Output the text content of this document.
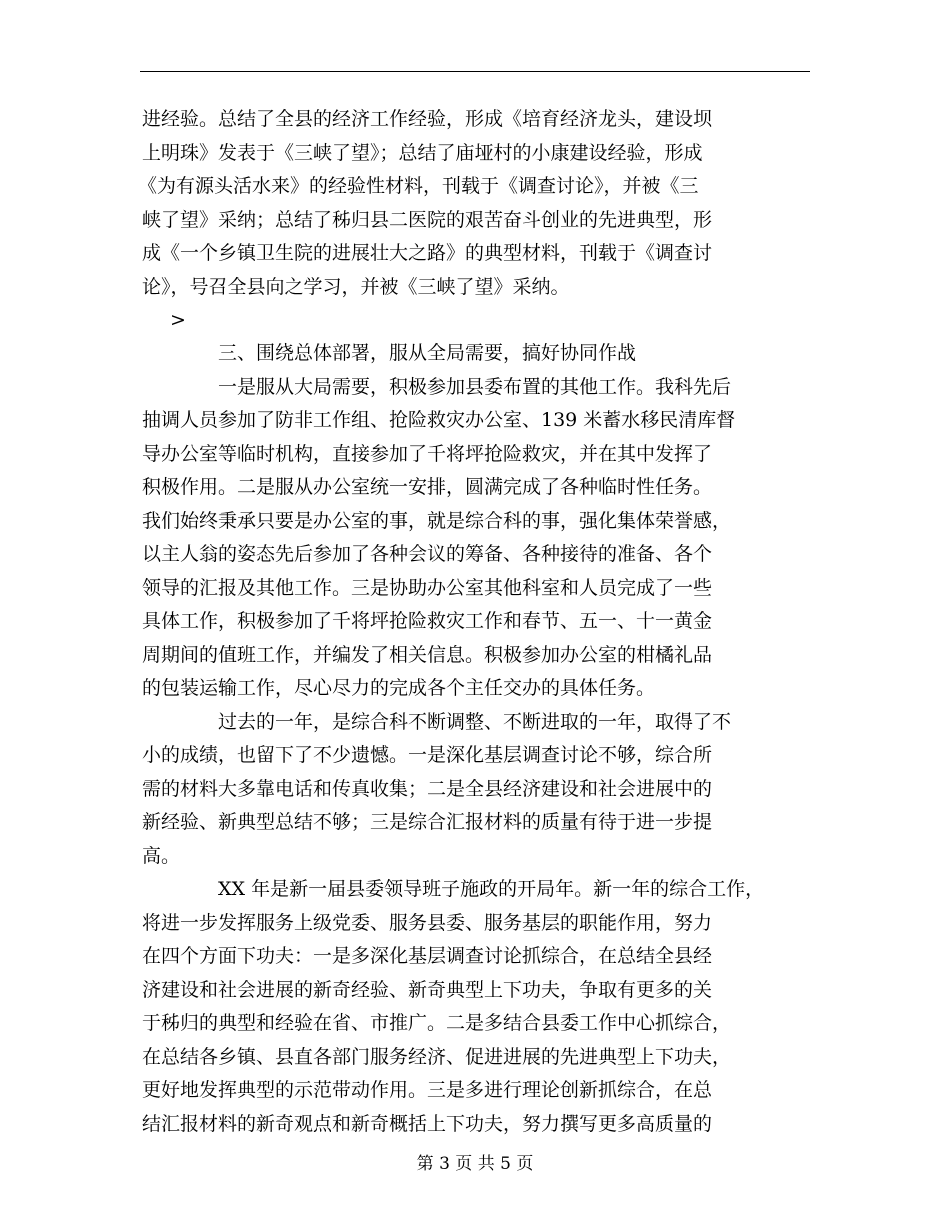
进经验。总结了全县的经济工作经验，形成《培育经济龙头，建设坝
上明珠》发表于《三峡了望》；总结了庙垭村的小康建设经验，形成
《为有源头活水来》的经验性材料，刊载于《调查讨论》，并被《三
峡了望》采纳；总结了秭归县二医院的艰苦奋斗创业的先进典型，形
成《一个乡镇卫生院的进展壮大之路》的典型材料，刊载于《调查讨
论》，号召全县向之学习，并被《三峡了望》采纳。
>
三、围绕总体部署，服从全局需要，搞好协同作战
一是服从大局需要，积极参加县委布置的其他工作。我科先后
抽调人员参加了防非工作组、抢险救灾办公室、139 米蓄水移民清库督
导办公室等临时机构，直接参加了千将坪抢险救灾，并在其中发挥了
积极作用。二是服从办公室统一安排，圆满完成了各种临时性任务。
我们始终秉承只要是办公室的事，就是综合科的事，强化集体荣誉感，
以主人翁的姿态先后参加了各种会议的筹备、各种接待的准备、各个
领导的汇报及其他工作。三是协助办公室其他科室和人员完成了一些
具体工作，积极参加了千将坪抢险救灾工作和春节、五一、十一黄金
周期间的值班工作，并编发了相关信息。积极参加办公室的柑橘礼品
的包装运输工作，尽心尽力的完成各个主任交办的具体任务。
过去的一年，是综合科不断调整、不断进取的一年，取得了不
小的成绩，也留下了不少遗憾。一是深化基层调查讨论不够，综合所
需的材料大多靠电话和传真收集；二是全县经济建设和社会进展中的
新经验、新典型总结不够；三是综合汇报材料的质量有待于进一步提
高。
XX 年是新一届县委领导班子施政的开局年。新一年的综合工作，
将进一步发挥服务上级党委、服务县委、服务基层的职能作用，努力
在四个方面下功夫：一是多深化基层调查讨论抓综合，在总结全县经
济建设和社会进展的新奇经验、新奇典型上下功夫，争取有更多的关
于秭归的典型和经验在省、市推广。二是多结合县委工作中心抓综合，
在总结各乡镇、县直各部门服务经济、促进进展的先进典型上下功夫，
更好地发挥典型的示范带动作用。三是多进行理论创新抓综合，在总
结汇报材料的新奇观点和新奇概括上下功夫，努力撰写更多高质量的
第 3 页 共 5 页
